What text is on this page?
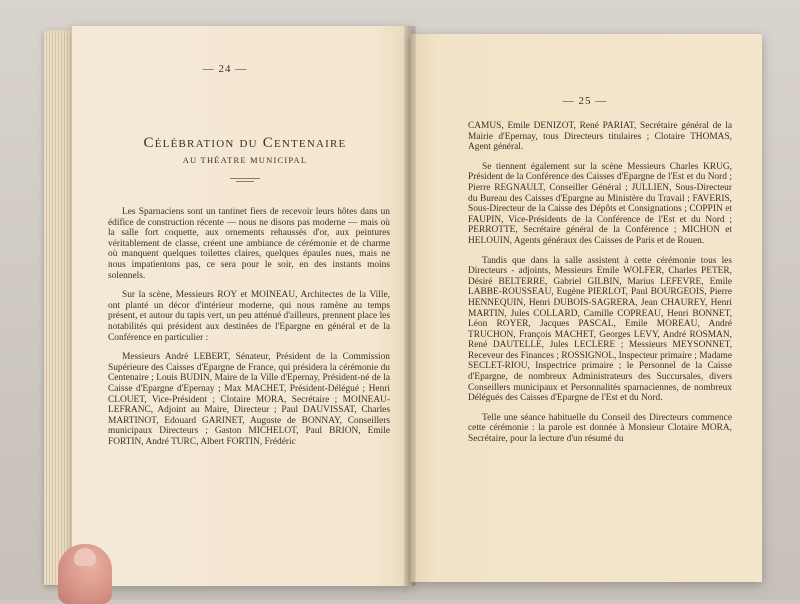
— 24 —
Célébration du Centenaire
AU THÉATRE MUNICIPAL

Les Sparnaciens sont un tantinet fiers de recevoir leurs hôtes dans un édifice de construction récente — nous ne disons pas moderne — mais où la salle fort coquette, aux ornements rehaussés d'or, aux peintures véritablement de classe, créent une ambiance de cérémonie et de charme où manquent quelques toilettes claires, quelques épaules nues, mais ne nous impatientons pas, ce sera pour le soir, en des instants moins solennels.

Sur la scène, Messieurs ROY et MOINEAU, Architectes de la Ville, ont planté un décor d'intérieur moderne, qui nous ramène au temps présent, et autour du tapis vert, un peu atténué d'ailleurs, prennent place les notabilités qui président aux destinées de l'Epargne en général et de la Conférence en particulier :

Messieurs André LEBERT, Sénateur, Président de la Commission Supérieure des Caisses d'Epargne de France, qui présidera la cérémonie du Centenaire ; Louis BUDIN, Maire de la Ville d'Epernay, Président-né de la Caisse d'Epargne d'Epernay ; Max MACHET, Président-Délégué ; Henri CLOUET, Vice-Président ; Clotaire MORA, Secrétaire ; MOINEAU-LEFRANC, Adjoint au Maire, Directeur ; Paul DAUVISSAT, Charles MARTINOT, Edouard GARINET, Auguste de BONNAY, Conseillers municipaux Directeurs ; Gaston MICHELOT, Paul BRION, Emile FORTIN, André TURC, Albert FORTIN, Frédéric

— 25 —

CAMUS, Emile DENIZOT, René PARIAT, Secrétaire général de la Mairie d'Epernay, tous Directeurs titulaires ; Clotaire THOMAS, Agent général.

Se tiennent également sur la scène Messieurs Charles KRUG, Président de la Conférence des Caisses d'Epargne de l'Est et du Nord ; Pierre REGNAULT, Conseiller Général ; JULLIEN, Sous-Directeur du Bureau des Caisses d'Epargne au Ministère du Travail ; FAVERIS, Sous-Directeur de la Caisse des Dépôts et Consignations ; COPPIN et FAUPIN, Vice-Présidents de la Conférence de l'Est et du Nord ; PERROTTE, Secrétaire général de la Conférence ; MICHON et HELOUIN, Agents généraux des Caisses de Paris et de Rouen.

Tandis que dans la salle assistent à cette cérémonie tous les Directeurs - adjoints, Messieurs Emile WOLFER, Charles PETER, Désiré BELTERRE, Gabriel GILBIN, Marius LEFEVRE, Emile LABBE-ROUSSEAU, Eugène PIERLOT, Paul BOURGEOIS, Pierre HENNEQUIN, Henri DUBOIS-SAGRERA, Jean CHAUREY, Henri MARTIN, Jules COLLARD, Camille COPREAU, Henri BONNET, Léon ROYER, Jacques PASCAL, Emile MOREAU, André TRUCHON, François MACHET, Georges LEVY, André ROSMAN, René DAUTELLE, Jules LECLERE ; Messieurs MEYSONNET, Receveur des Finances ; ROSSIGNOL, Inspecteur primaire ; Madame SECLET-RIOU, Inspectrice primaire ; le Personnel de la Caisse d'Epargne, de nombreux Administrateurs des Succursales, divers Conseillers municipaux et Personnalités sparnaciennes, de nombreux Délégués des Caisses d'Epargne de l'Est et du Nord.

Telle une séance habituelle du Conseil des Directeurs commence cette cérémonie : la parole est donnée à Monsieur Clotaire MORA, Secrétaire, pour la lecture d'un résumé du
